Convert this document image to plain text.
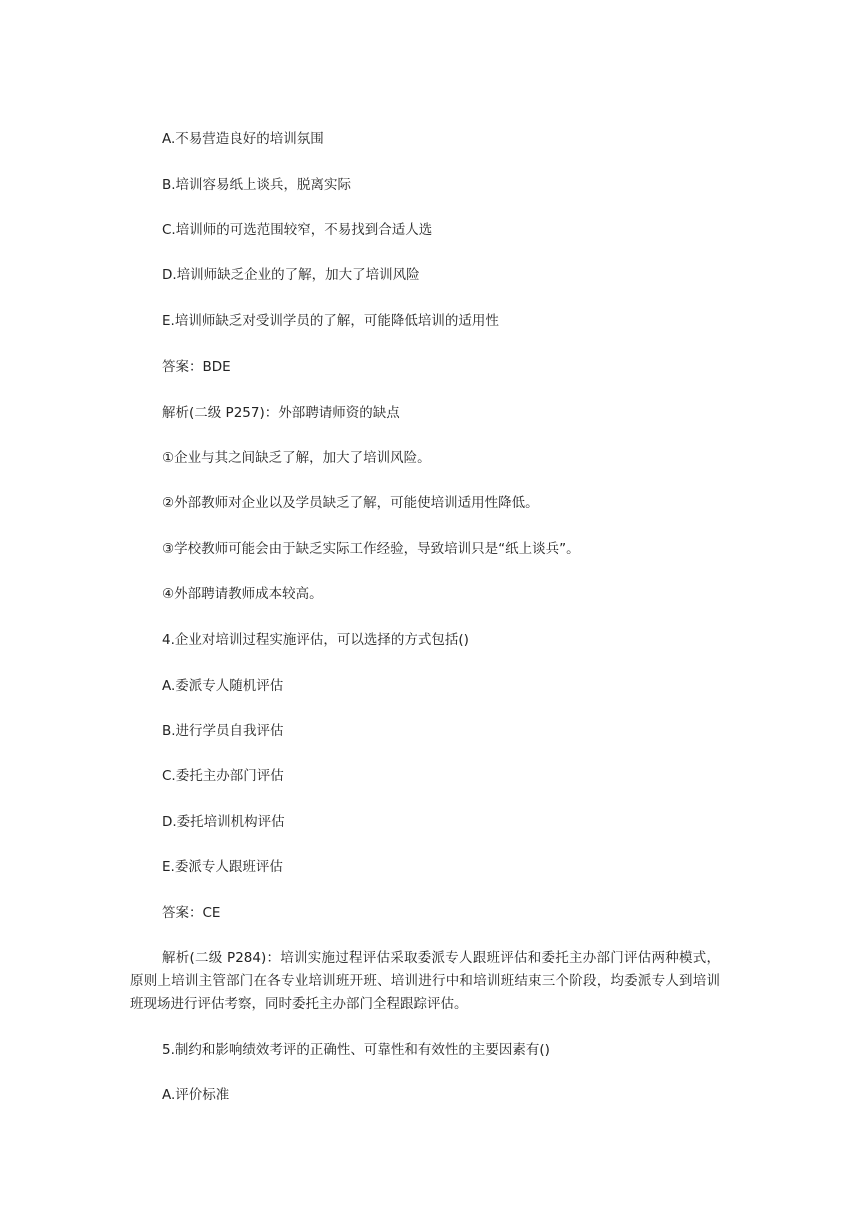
A.不易营造良好的培训氛围
B.培训容易纸上谈兵，脱离实际
C.培训师的可选范围较窄，不易找到合适人选
D.培训师缺乏企业的了解，加大了培训风险
E.培训师缺乏对受训学员的了解，可能降低培训的适用性
答案：BDE
解析(二级 P257)：外部聘请师资的缺点
①企业与其之间缺乏了解，加大了培训风险。
②外部教师对企业以及学员缺乏了解，可能使培训适用性降低。
③学校教师可能会由于缺乏实际工作经验，导致培训只是“纸上谈兵”。
④外部聘请教师成本较高。
4.企业对培训过程实施评估，可以选择的方式包括()
A.委派专人随机评估
B.进行学员自我评估
C.委托主办部门评估
D.委托培训机构评估
E.委派专人跟班评估
答案：CE
解析(二级 P284)：培训实施过程评估采取委派专人跟班评估和委托主办部门评估两种模式，原则上培训主管部门在各专业培训班开班、培训进行中和培训班结束三个阶段，均委派专人到培训班现场进行评估考察，同时委托主办部门全程跟踪评估。
5.制约和影响绩效考评的正确性、可靠性和有效性的主要因素有()
A.评价标准
